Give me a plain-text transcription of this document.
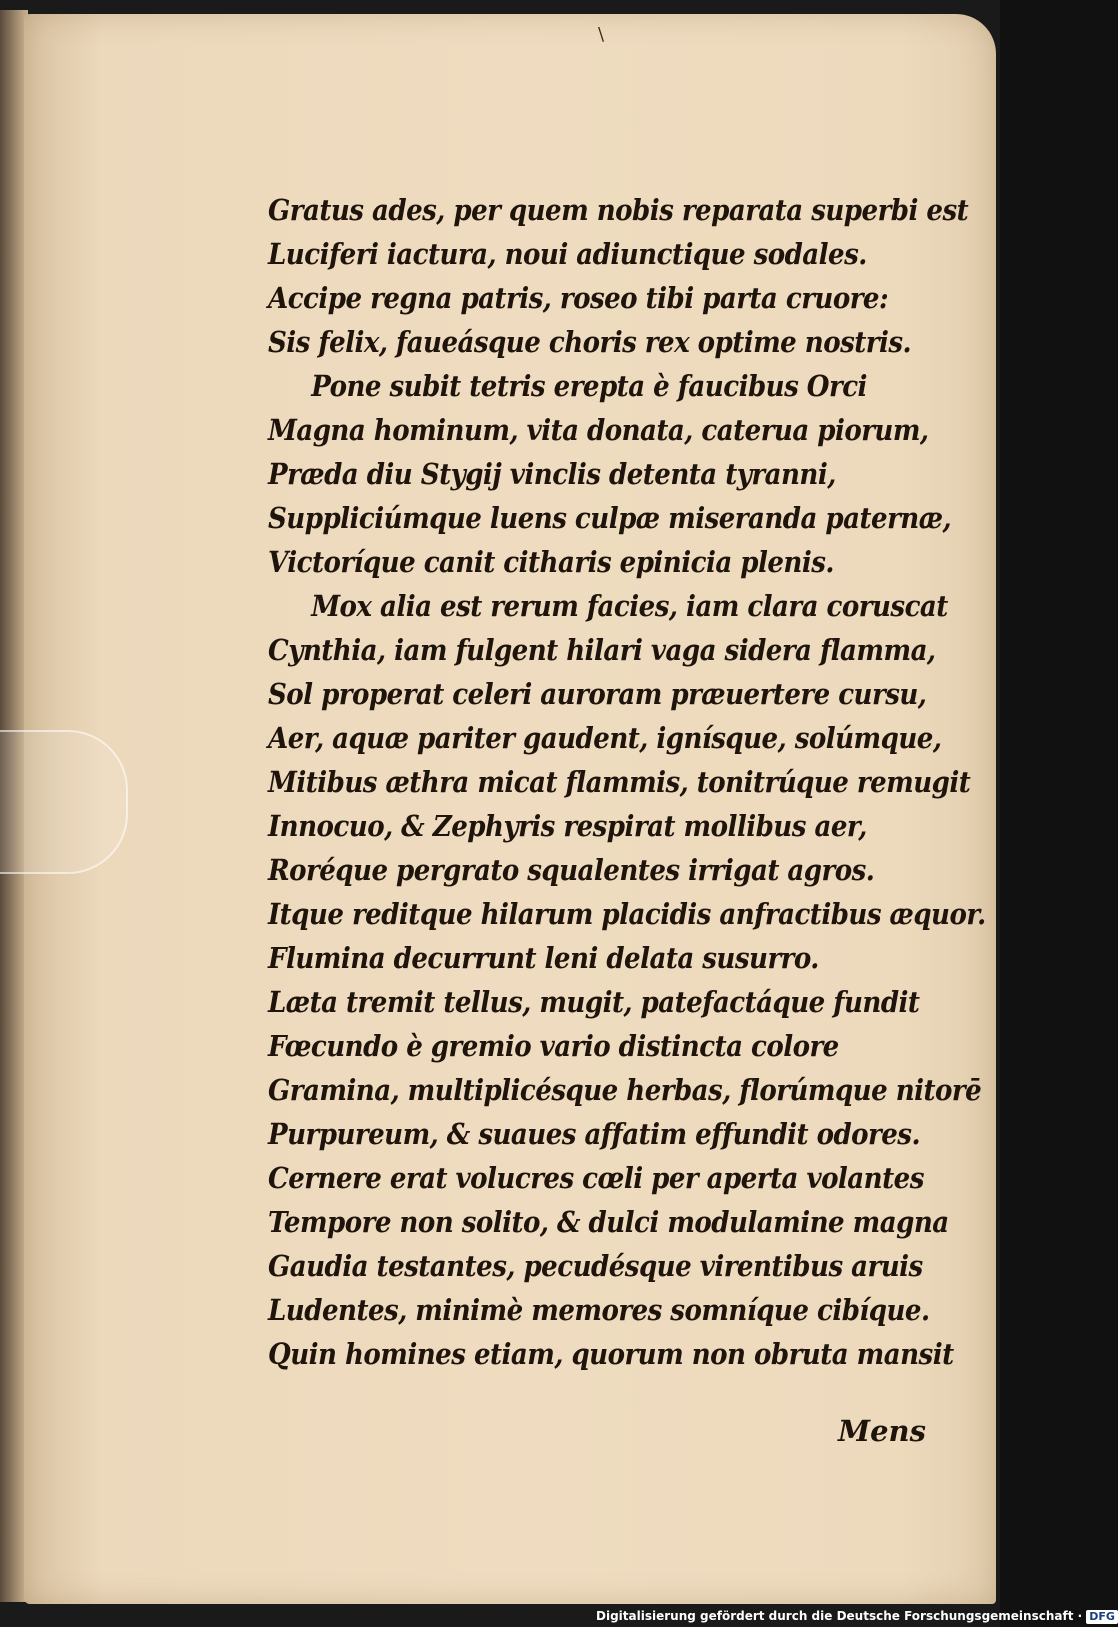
\
Gratus ades, per quem nobis reparata superbi est
Luciferi iactura, noui adiunctique sodales.
Accipe regna patris, roseo tibi parta cruore:
Sis felix, faueásque choris rex optime nostris.
Pone subit tetris erepta è faucibus Orci
Magna hominum, vita donata, caterua piorum,
Præda diu Stygij vinclis detenta tyranni,
Suppliciúmque luens culpæ miseranda paternæ,
Victoríque canit citharis epinicia plenis.
Mox alia est rerum facies, iam clara coruscat
Cynthia, iam fulgent hilari vaga sidera flamma,
Sol properat celeri auroram præuertere cursu,
Aer, aquæ pariter gaudent, ignísque, solúmque,
Mitibus æthra micat flammis, tonitrúque remugit
Innocuo, & Zephyris respirat mollibus aer,
Roréque pergrato squalentes irrigat agros.
Itque reditque hilarum placidis anfractibus æquor.
Flumina decurrunt leni delata susurro.
Læta tremit tellus, mugit, patefactáque fundit
Fœcundo è gremio vario distincta colore
Gramina, multiplicésque herbas, florúmque nitorē
Purpureum, & suaues affatim effundit odores.
Cernere erat volucres cœli per aperta volantes
Tempore non solito, & dulci modulamine magna
Gaudia testantes, pecudésque virentibus aruis
Ludentes, minimè memores somníque cibíque.
Quin homines etiam, quorum non obruta mansit
Mens
Digitalisierung gefördert durch die Deutsche Forschungsgemeinschaft · DFG
